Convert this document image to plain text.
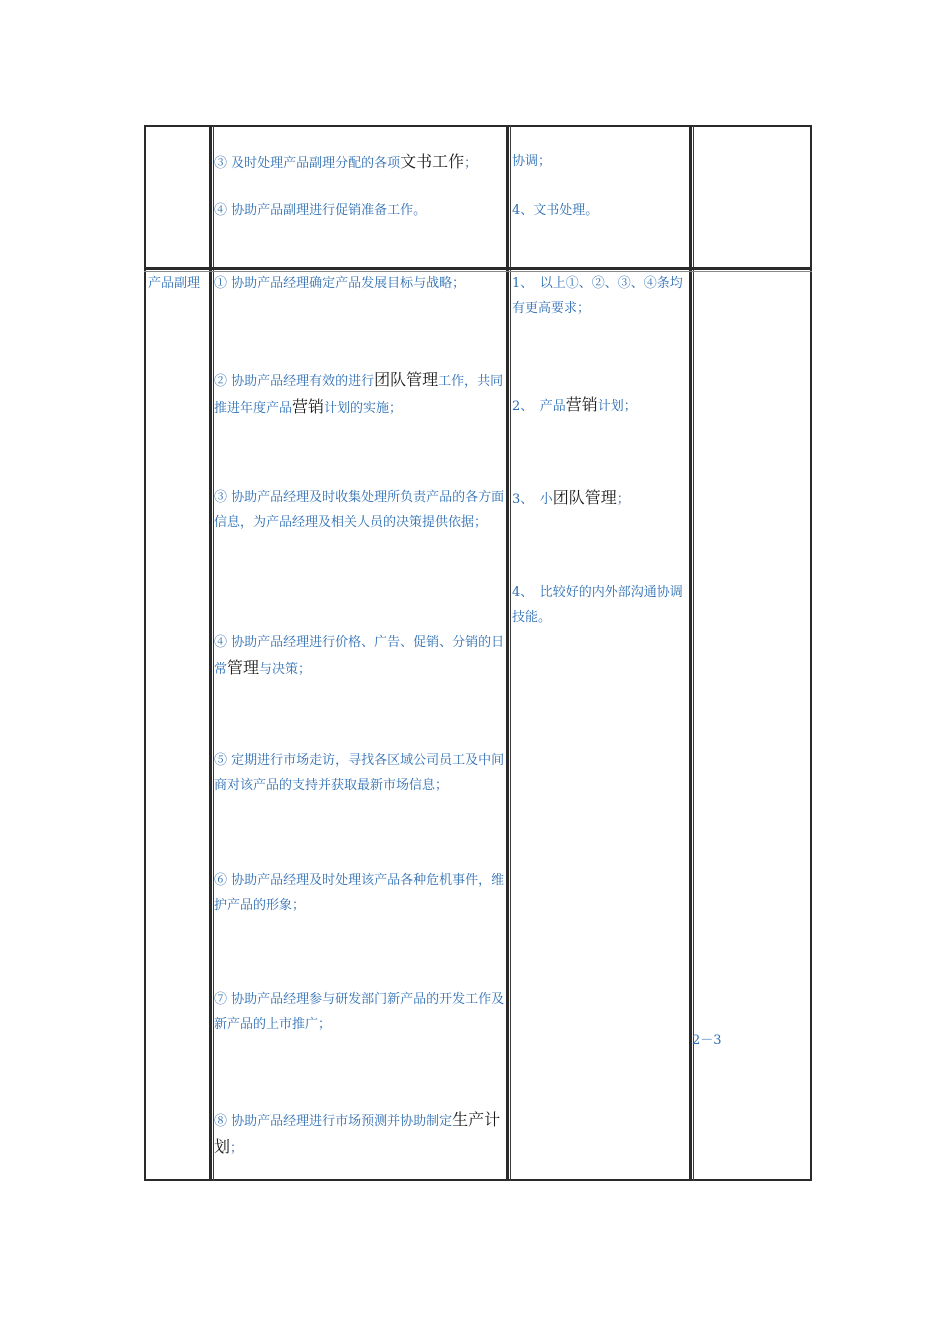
③ 及时处理产品副理分配的各项文书工作；

④ 协助产品副理进行促销准备工作。

协调；

4、文书处理。

产品副理	① 协助产品经理确定产品发展目标与战略；

② 协助产品经理有效的进行团队管理工作，共同推进年度产品营销计划的实施；

③ 协助产品经理及时收集处理所负责产品的各方面信息，为产品经理及相关人员的决策提供依据；

④ 协助产品经理进行价格、广告、促销、分销的日常管理与决策；

⑤ 定期进行市场走访，寻找各区域公司员工及中间商对该产品的支持并获取最新市场信息；

⑥ 协助产品经理及时处理该产品各种危机事件，维护产品的形象；

⑦ 协助产品经理参与研发部门新产品的开发工作及新产品的上市推广；

⑧ 协助产品经理进行市场预测并协助制定生产计划；

1、　以上①、②、③、④条均有更高要求；

2、　产品营销计划；

3、　小团队管理；

4、　比较好的内外部沟通协调技能。

2－3
